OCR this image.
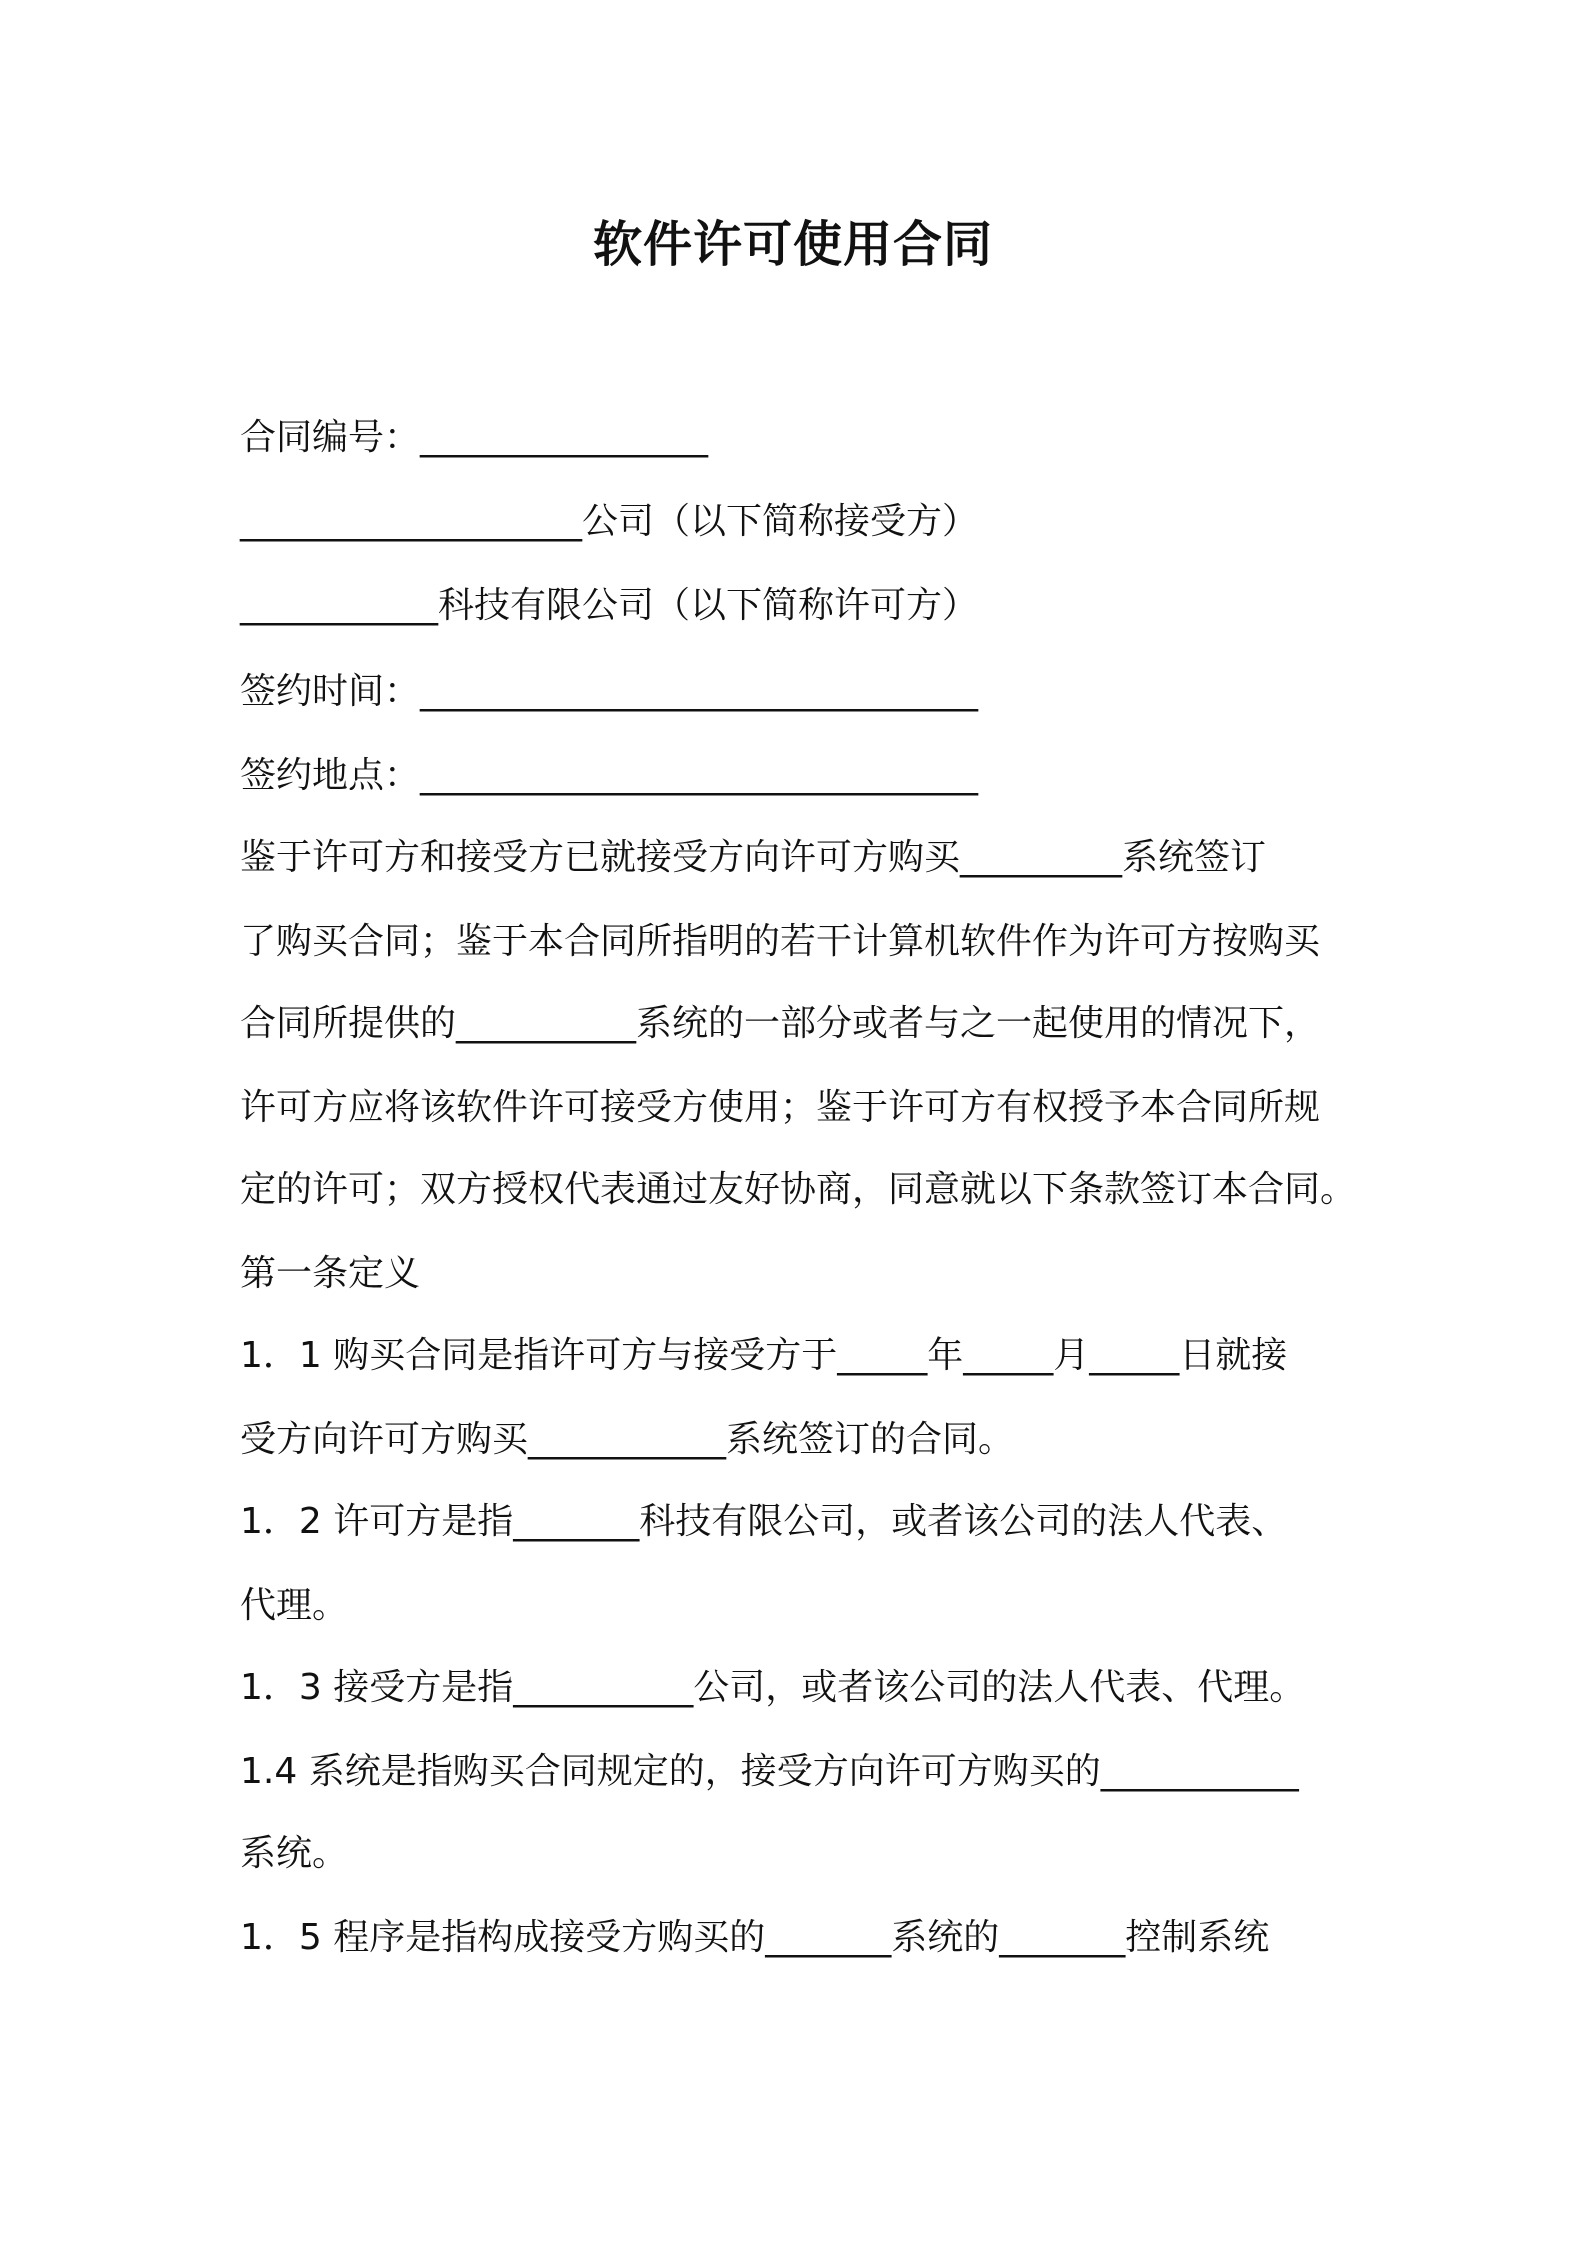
软件许可使用合同
合同编号：________________
___________________公司（以下简称接受方）
___________科技有限公司（以下简称许可方）
签约时间：_______________________________
签约地点：_______________________________
鉴于许可方和接受方已就接受方向许可方购买_________系统签订
了购买合同；鉴于本合同所指明的若干计算机软件作为许可方按购买
合同所提供的__________系统的一部分或者与之一起使用的情况下，
许可方应将该软件许可接受方使用；鉴于许可方有权授予本合同所规
定的许可；双方授权代表通过友好协商，同意就以下条款签订本合同。
第一条定义
1．1 购买合同是指许可方与接受方于_____年_____月_____日就接
受方向许可方购买___________系统签订的合同。
1．2 许可方是指_______科技有限公司，或者该公司的法人代表、
代理。
1．3 接受方是指__________公司，或者该公司的法人代表、代理。
1.4 系统是指购买合同规定的，接受方向许可方购买的___________
系统。
1．5 程序是指构成接受方购买的_______系统的_______控制系统
